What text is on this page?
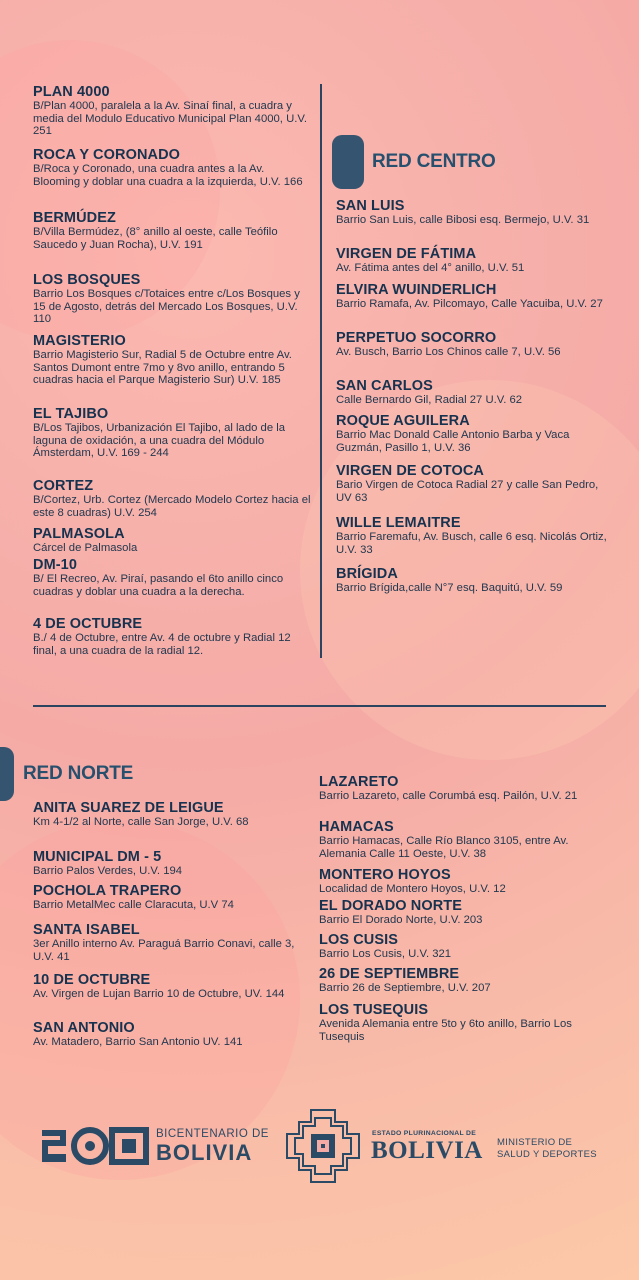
PLAN 4000

B/Plan 4000, paralela a la Av. Sinaí final, a cuadra y media del Modulo Educativo Municipal Plan 4000, U.V. 251

ROCA Y CORONADO

B/Roca y Coronado, una cuadra antes a la Av. Blooming y doblar una cuadra a la izquierda, U.V. 166

BERMÚDEZ

B/Villa Bermúdez, (8° anillo al oeste, calle Teófilo Saucedo y Juan Rocha), U.V. 191

LOS BOSQUES

Barrio Los Bosques c/Totaices entre c/Los Bosques y 15 de Agosto, detrás del Mercado Los Bosques, U.V. 110

MAGISTERIO

Barrio Magisterio Sur, Radial 5 de Octubre entre Av. Santos Dumont entre 7mo y 8vo anillo, entrando 5 cuadras hacia el Parque Magisterio Sur) U.V. 185

EL TAJIBO

B/Los Tajibos, Urbanización El Tajibo, al lado de la laguna de oxidación, a una cuadra del Módulo Ámsterdam, U.V. 169 - 244

CORTEZ

B/Cortez, Urb. Cortez (Mercado Modelo Cortez hacia el este 8 cuadras) U.V. 254

PALMASOLA

Cárcel de Palmasola

DM-10

B/ El Recreo, Av. Piraí, pasando el 6to anillo cinco cuadras y doblar una cuadra a la derecha.

4 DE OCTUBRE

B./ 4 de Octubre, entre Av. 4 de octubre y Radial 12 final, a una cuadra de la radial 12.

RED CENTRO
SAN LUIS

Barrio San Luis, calle Bibosi esq. Bermejo, U.V. 31

VIRGEN DE FÁTIMA

Av. Fátima antes del 4° anillo, U.V. 51

ELVIRA WUINDERLICH

Barrio Ramafa, Av. Pilcomayo, Calle Yacuiba, U.V. 27

PERPETUO SOCORRO

Av. Busch, Barrio Los Chinos calle 7, U.V. 56

SAN CARLOS

Calle Bernardo Gil, Radial 27 U.V. 62

ROQUE AGUILERA

Barrio Mac Donald Calle Antonio Barba y Vaca Guzmán, Pasillo 1, U.V. 36

VIRGEN DE COTOCA

Bario Virgen de Cotoca Radial 27 y calle San Pedro, UV 63

WILLE LEMAITRE

Barrio Faremafu, Av. Busch, calle 6 esq. Nicolás Ortiz, U.V. 33

BRÍGIDA

Barrio Brígida,calle N°7 esq. Baquitú, U.V. 59

RED NORTE
ANITA SUAREZ DE LEIGUE

Km 4-1/2 al Norte, calle San Jorge, U.V. 68

MUNICIPAL DM - 5

Barrio Palos Verdes, U.V. 194

POCHOLA TRAPERO

Barrio MetalMec calle Claracuta, U.V 74

SANTA ISABEL

3er Anillo interno Av. Paraguá Barrio Conavi, calle 3, U.V. 41

10 DE OCTUBRE

Av. Virgen de Lujan Barrio 10 de Octubre, UV. 144

SAN ANTONIO

Av. Matadero, Barrio San Antonio UV. 141

LAZARETO

Barrio Lazareto, calle Corumbá esq. Pailón, U.V. 21

HAMACAS

Barrio Hamacas, Calle Río Blanco 3105, entre Av. Alemania Calle 11 Oeste, U.V. 38

MONTERO HOYOS

Localidad de Montero Hoyos, U.V. 12

EL DORADO NORTE

Barrio El Dorado Norte, U.V. 203

LOS CUSIS

Barrio Los Cusis, U.V. 321

26 DE SEPTIEMBRE

Barrio 26 de Septiembre, U.V. 207

LOS TUSEQUIS

Avenida Alemania entre 5to y 6to anillo, Barrio Los Tusequis

BICENTENARIO DE
BOLIVIA
ESTADO PLURINACIONAL DE
BOLIVIA MINISTERIO DE
SALUD Y DEPORTES
